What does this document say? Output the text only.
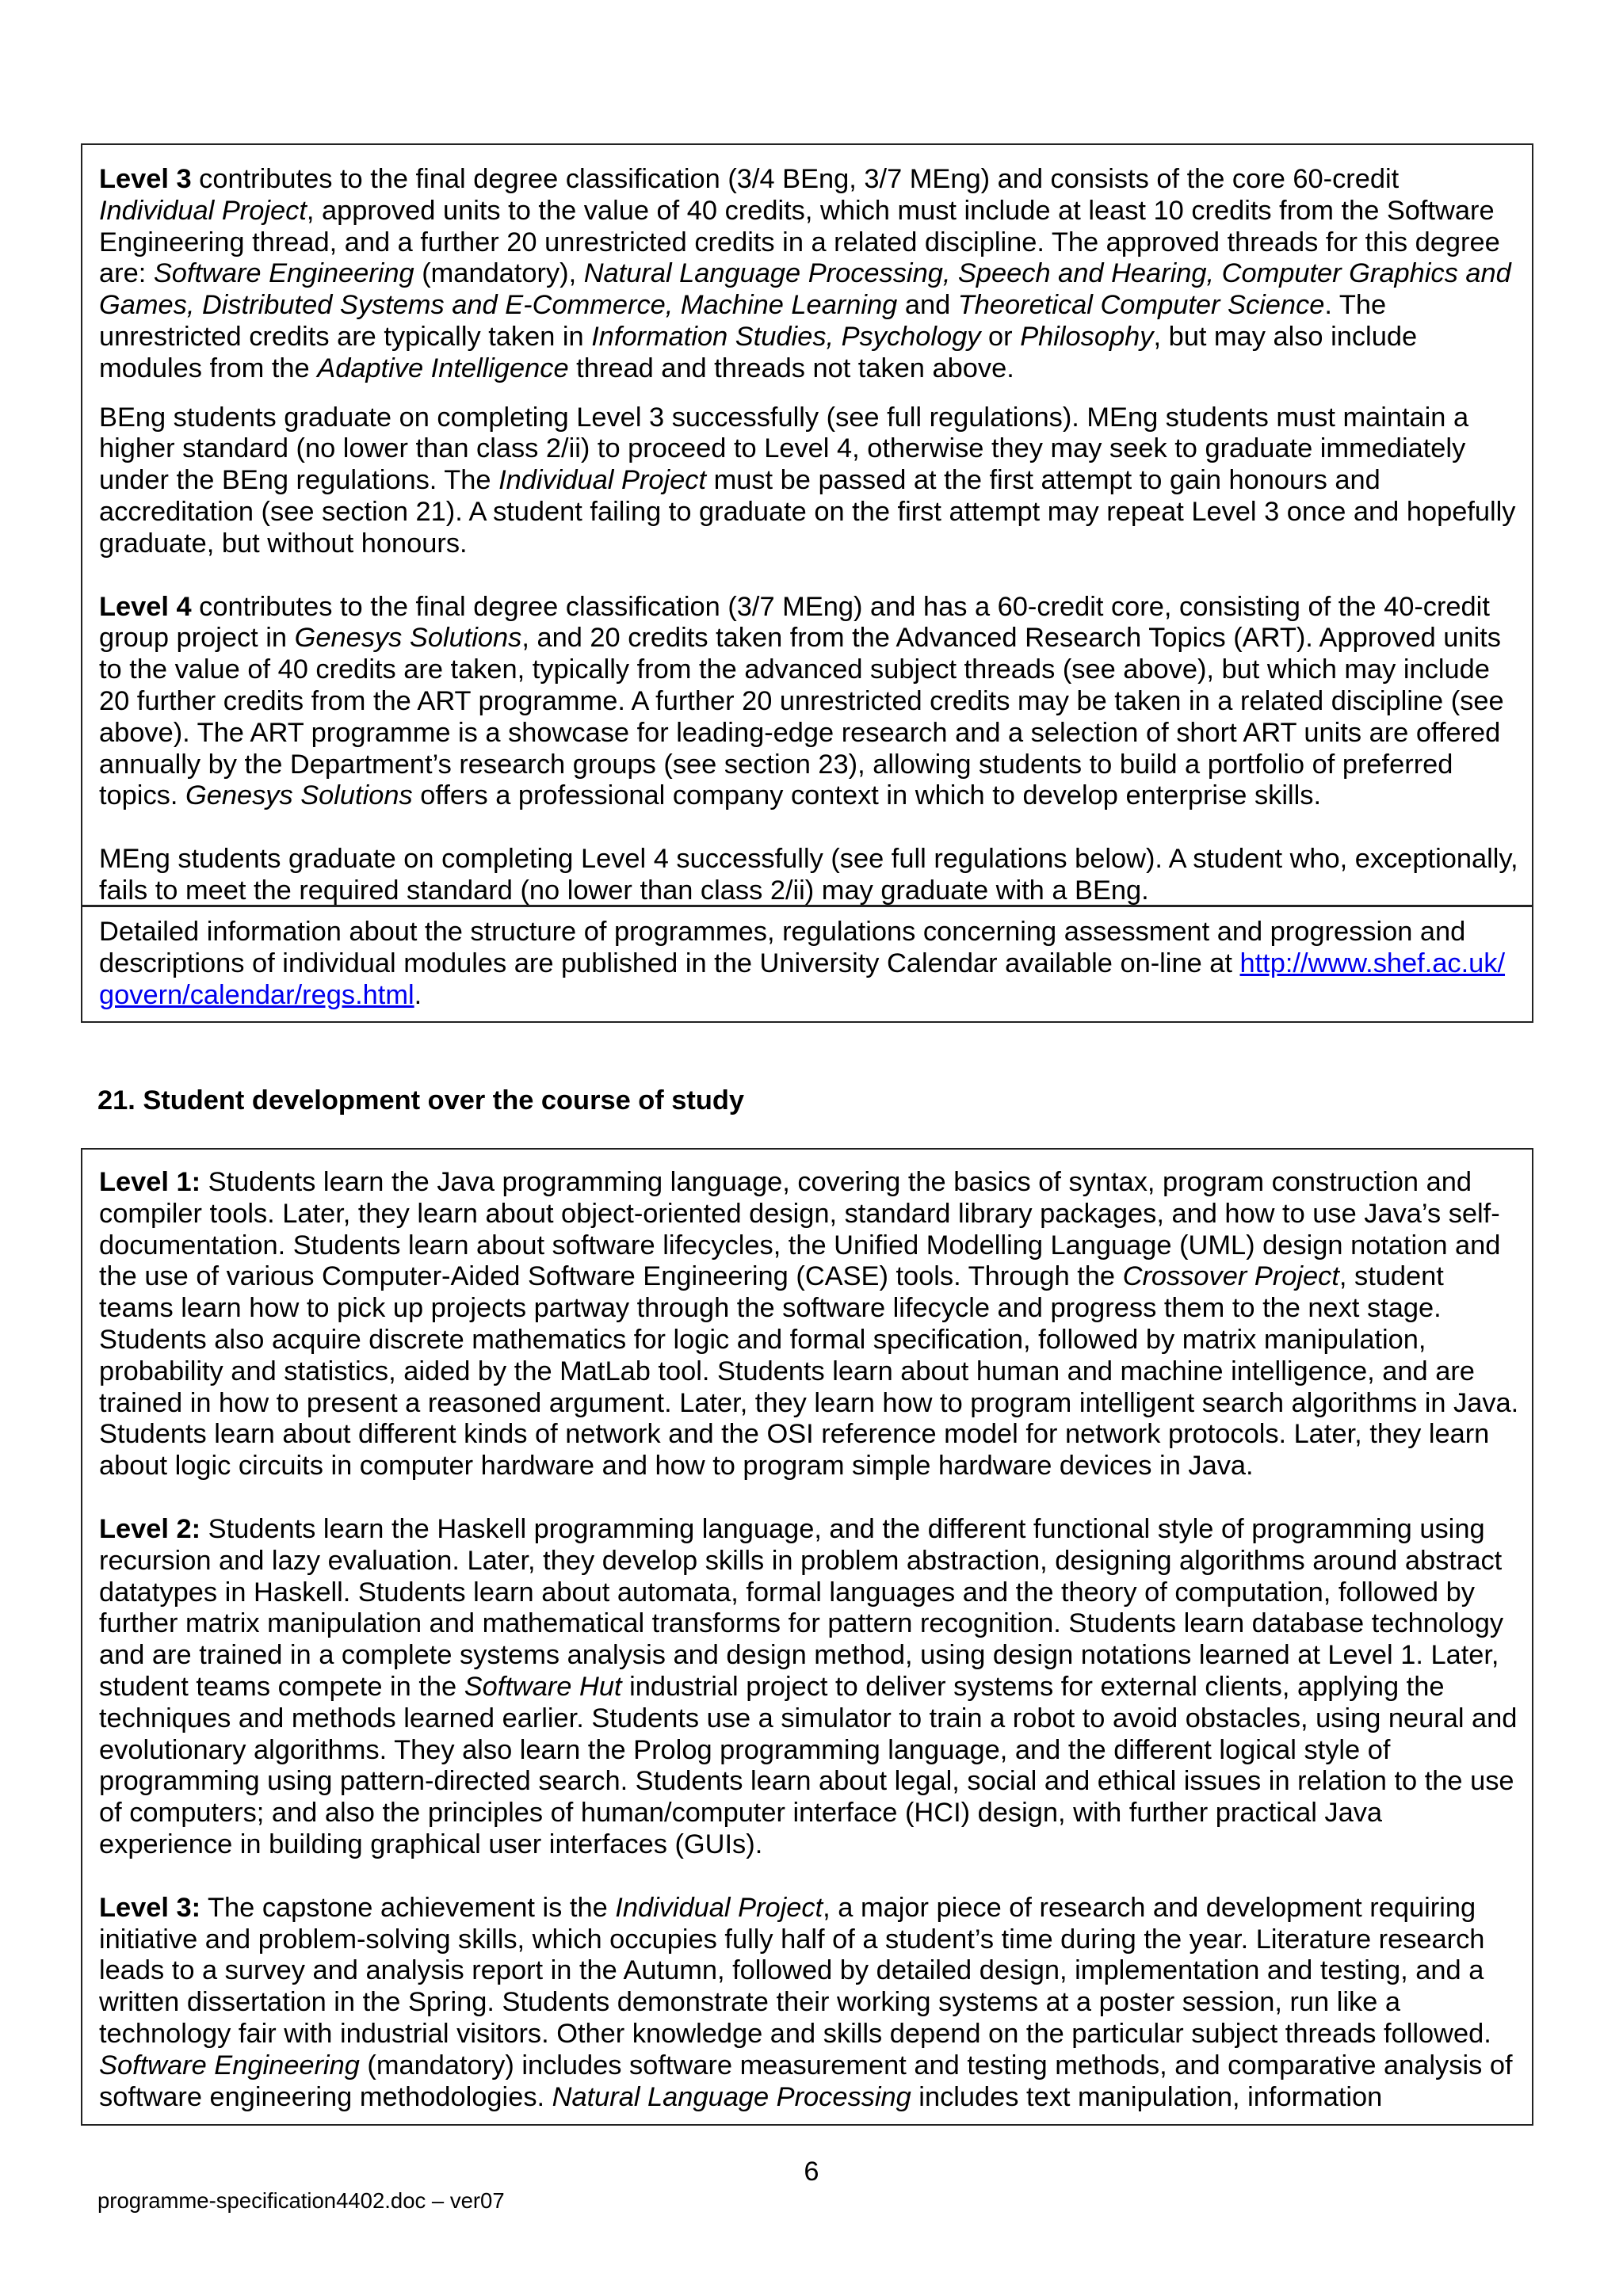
Level 3 contributes to the final degree classification (3/4 BEng, 3/7 MEng) and consists of the core 60-credit Individual Project, approved units to the value of 40 credits, which must include at least 10 credits from the Software Engineering thread, and a further 20 unrestricted credits in a related discipline. The approved threads for this degree are: Software Engineering (mandatory), Natural Language Processing, Speech and Hearing, Computer Graphics and Games, Distributed Systems and E-Commerce, Machine Learning and Theoretical Computer Science. The unrestricted credits are typically taken in Information Studies, Psychology or Philosophy, but may also include modules from the Adaptive Intelligence thread and threads not taken above.

BEng students graduate on completing Level 3 successfully (see full regulations). MEng students must maintain a higher standard (no lower than class 2/ii) to proceed to Level 4, otherwise they may seek to graduate immediately under the BEng regulations. The Individual Project must be passed at the first attempt to gain honours and accreditation (see section 21). A student failing to graduate on the first attempt may repeat Level 3 once and hopefully graduate, but without honours.

Level 4 contributes to the final degree classification (3/7 MEng) and has a 60-credit core, consisting of the 40-credit group project in Genesys Solutions, and 20 credits taken from the Advanced Research Topics (ART). Approved units to the value of 40 credits are taken, typically from the advanced subject threads (see above), but which may include 20 further credits from the ART programme. A further 20 unrestricted credits may be taken in a related discipline (see above). The ART programme is a showcase for leading-edge research and a selection of short ART units are offered annually by the Department’s research groups (see section 23), allowing students to build a portfolio of preferred topics. Genesys Solutions offers a professional company context in which to develop enterprise skills.

MEng students graduate on completing Level 4 successfully (see full regulations below). A student who, exceptionally, fails to meet the required standard (no lower than class 2/ii) may graduate with a BEng.

Detailed information about the structure of programmes, regulations concerning assessment and progression and descriptions of individual modules are published in the University Calendar available on-line at http://www.shef.ac.uk/ govern/calendar/regs.html.

21. Student development over the course of study

Level 1: Students learn the Java programming language, covering the basics of syntax, program construction and compiler tools. Later, they learn about object-oriented design, standard library packages, and how to use Java’s self-documentation. Students learn about software lifecycles, the Unified Modelling Language (UML) design notation and the use of various Computer-Aided Software Engineering (CASE) tools. Through the Crossover Project, student teams learn how to pick up projects partway through the software lifecycle and progress them to the next stage. Students also acquire discrete mathematics for logic and formal specification, followed by matrix manipulation, probability and statistics, aided by the MatLab tool. Students learn about human and machine intelligence, and are trained in how to present a reasoned argument. Later, they learn how to program intelligent search algorithms in Java. Students learn about different kinds of network and the OSI reference model for network protocols. Later, they learn about logic circuits in computer hardware and how to program simple hardware devices in Java.

Level 2: Students learn the Haskell programming language, and the different functional style of programming using recursion and lazy evaluation. Later, they develop skills in problem abstraction, designing algorithms around abstract datatypes in Haskell. Students learn about automata, formal languages and the theory of computation, followed by further matrix manipulation and mathematical transforms for pattern recognition. Students learn database technology and are trained in a complete systems analysis and design method, using design notations learned at Level 1. Later, student teams compete in the Software Hut industrial project to deliver systems for external clients, applying the techniques and methods learned earlier. Students use a simulator to train a robot to avoid obstacles, using neural and evolutionary algorithms. They also learn the Prolog programming language, and the different logical style of programming using pattern-directed search. Students learn about legal, social and ethical issues in relation to the use of computers; and also the principles of human/computer interface (HCI) design, with further practical Java experience in building graphical user interfaces (GUIs).

Level 3: The capstone achievement is the Individual Project, a major piece of research and development requiring initiative and problem-solving skills, which occupies fully half of a student’s time during the year. Literature research leads to a survey and analysis report in the Autumn, followed by detailed design, implementation and testing, and a written dissertation in the Spring. Students demonstrate their working systems at a poster session, run like a technology fair with industrial visitors. Other knowledge and skills depend on the particular subject threads followed. Software Engineering (mandatory) includes software measurement and testing methods, and comparative analysis of software engineering methodologies. Natural Language Processing includes text manipulation, information

6
programme-specification4402.doc – ver07
